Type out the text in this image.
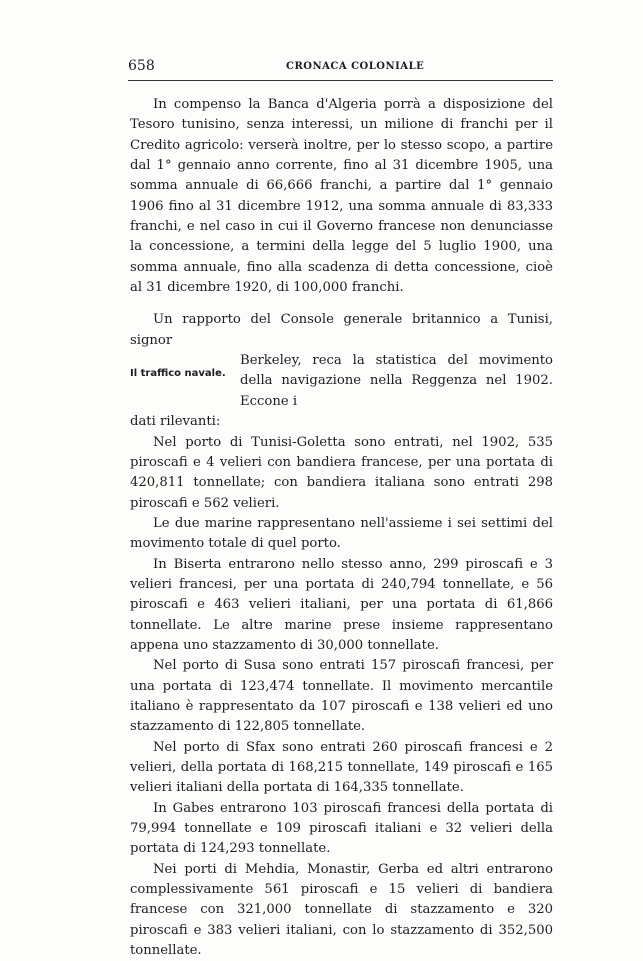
658	CRONACA COLONIALE

In compenso la Banca d'Algeria porrà a disposizione del Tesoro tunisino, senza interessi, un milione di franchi per il Credito agricolo: verserà inoltre, per lo stesso scopo, a partire dal 1° gennaio anno corrente, fino al 31 dicembre 1905, una somma annuale di 66,666 franchi, a partire dal 1° gennaio 1906 fino al 31 dicembre 1912, una somma annuale di 83,333 franchi, e nel caso in cui il Governo francese non denunciasse la concessione, a termini della legge del 5 luglio 1900, una somma annuale, fino alla scadenza di detta concessione, cioè al 31 dicembre 1920, di 100,000 franchi.

Un rapporto del Console generale britannico a Tunisi, signor
Il traffico navale.
Berkeley, reca la statistica del movimento della navigazione nella Reggenza nel 1902. Eccone i
dati rilevanti:

Nel porto di Tunisi-Goletta sono entrati, nel 1902, 535 piroscafi e 4 velieri con bandiera francese, per una portata di 420,811 tonnellate; con bandiera italiana sono entrati 298 piroscafi e 562 velieri.

Le due marine rappresentano nell'assieme i sei settimi del movimento totale di quel porto.

In Biserta entrarono nello stesso anno, 299 piroscafi e 3 velieri francesi, per una portata di 240,794 tonnellate, e 56 piroscafi e 463 velieri italiani, per una portata di 61,866 tonnellate. Le altre marine prese insieme rappresentano appena uno stazzamento di 30,000 tonnellate.

Nel porto di Susa sono entrati 157 piroscafi francesi, per una portata di 123,474 tonnellate. Il movimento mercantile italiano è rappresentato da 107 piroscafi e 138 velieri ed uno stazzamento di 122,805 tonnellate.

Nel porto di Sfax sono entrati 260 piroscafi francesi e 2 velieri, della portata di 168,215 tonnellate, 149 piroscafi e 165 velieri italiani della portata di 164,335 tonnellate.

In Gabes entrarono 103 piroscafi francesi della portata di 79,994 tonnellate e 109 piroscafi italiani e 32 velieri della portata di 124,293 tonnellate.

Nei porti di Mehdia, Monastir, Gerba ed altri entrarono complessivamente 561 piroscafi e 15 velieri di bandiera francese con 321,000 tonnellate di stazzamento e 320 piroscafi e 383 velieri italiani, con lo stazzamento di 352,500 tonnellate.
